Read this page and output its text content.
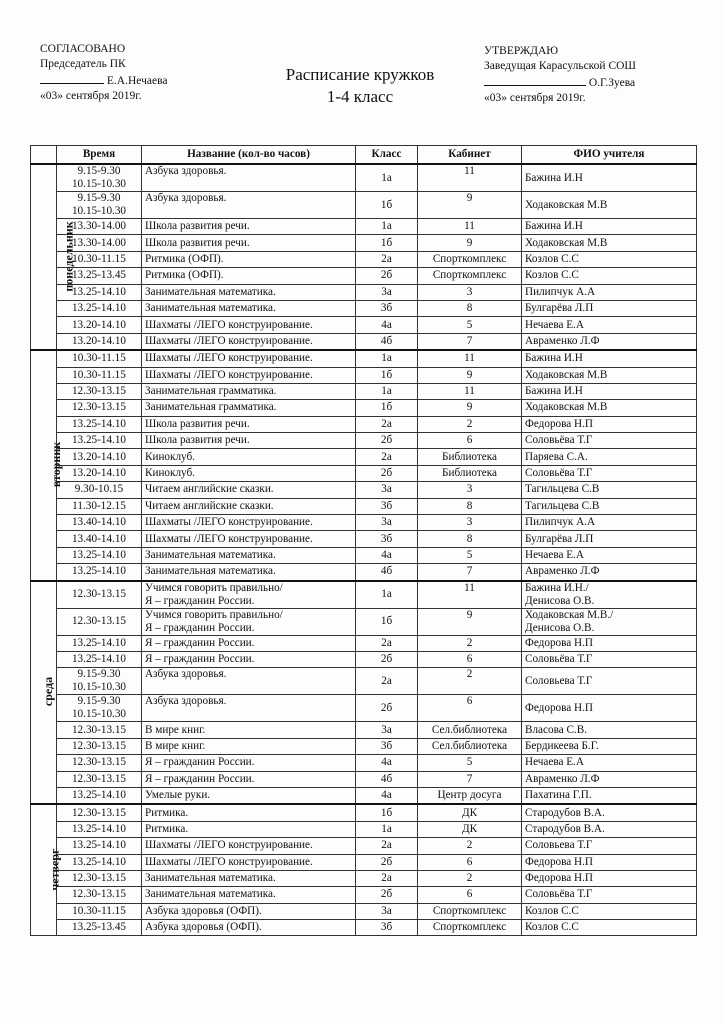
СОГЛАСОВАНО
Председатель ПК
Е.А.Нечаева
«03» сентября 2019г.
Расписание кружков
1-4 класс
УТВЕРЖДАЮ
Заведущая Карасульской СОШ
О.Г.Зуева
«03» сентября 2019г.
	Время	Название (кол-во часов)	Класс	Кабинет	ФИО учителя
понедельник	9.15-9.30
10.15-10.30	Азбука здоровья.	1а	11	Бажина И.Н
	9.15-9.30
10.15-10.30	Азбука здоровья.	1б	9	Ходаковская М.В
	13.30-14.00	Школа развития речи.	1а	11	Бажина И.Н
	13.30-14.00	Школа развития речи.	1б	9	Ходаковская М.В
	10.30-11.15	Ритмика (ОФП).	2а	Спорткомплекс	Козлов С.С
	13.25-13.45	Ритмика (ОФП).	2б	Спорткомплекс	Козлов С.С
	13.25-14.10	Занимательная математика.	3а	3	Пилипчук А.А
	13.25-14.10	Занимательная математика.	3б	8	Булгарёва Л.П
	13.20-14.10	Шахматы /ЛЕГО конструирование.	4а	5	Нечаева Е.А
	13.20-14.10	Шахматы /ЛЕГО конструирование.	4б	7	Авраменко Л.Ф
вторник	10.30-11.15	Шахматы /ЛЕГО конструирование.	1а	11	Бажина И.Н
	10.30-11.15	Шахматы /ЛЕГО конструирование.	1б	9	Ходаковская М.В
	12.30-13.15	Занимательная грамматика.	1а	11	Бажина И.Н
	12.30-13.15	Занимательная грамматика.	1б	9	Ходаковская М.В
	13.25-14.10	Школа развития речи.	2а	2	Федорова Н.П
	13.25-14.10	Школа развития речи.	2б	6	Соловьёва Т.Г
	13.20-14.10	Киноклуб.	2а	Библиотека	Паряева С.А.
	13.20-14.10	Киноклуб.	2б	Библиотека	Соловьёва Т.Г
	9.30-10.15	Читаем английские сказки.	3а	3	Тагильцева С.В
	11.30-12.15	Читаем английские сказки.	3б	8	Тагильцева С.В
	13.40-14.10	Шахматы /ЛЕГО конструирование.	3а	3	Пилипчук А.А
	13.40-14.10	Шахматы /ЛЕГО конструирование.	3б	8	Булгарёва Л.П
	13.25-14.10	Занимательная математика.	4а	5	Нечаева Е.А
	13.25-14.10	Занимательная математика.	4б	7	Авраменко Л.Ф
среда	12.30-13.15	Учимся говорить правильно/
Я – гражданин России.	1а	11	Бажина И.Н./
Денисова О.В.
	12.30-13.15	Учимся говорить правильно/
Я – гражданин России.	1б	9	Ходаковская М.В./
Денисова О.В.
	13.25-14.10	Я – гражданин России.	2а	2	Федорова Н.П
	13.25-14.10	Я – гражданин России.	2б	6	Соловьёва Т.Г
	9.15-9.30
10.15-10.30	Азбука здоровья.	2а	2	Соловьева Т.Г
	9.15-9.30
10.15-10.30	Азбука здоровья.	2б	6	Федорова Н.П
	12.30-13.15	В мире книг.	3а	Сел.библиотека	Власова С.В.
	12.30-13.15	В мире книг.	3б	Сел.библиотека	Бердикеева Б.Г.
	12.30-13.15	Я – гражданин России.	4а	5	Нечаева Е.А
	12.30-13.15	Я – гражданин России.	4б	7	Авраменко Л.Ф
	13.25-14.10	Умелые руки.	4а	Центр досуга	Пахатина Г.П.
четверг	12.30-13.15	Ритмика.	1б	ДК	Стародубов В.А.
	13.25-14.10	Ритмика.	1а	ДК	Стародубов В.А.
	13.25-14.10	Шахматы /ЛЕГО конструирование.	2а	2	Соловьева Т.Г
	13.25-14.10	Шахматы /ЛЕГО конструирование.	2б	6	Федорова Н.П
	12.30-13.15	Занимательная математика.	2а	2	Федорова Н.П
	12.30-13.15	Занимательная математика.	2б	6	Соловьёва Т.Г
	10.30-11.15	Азбука здоровья (ОФП).	3а	Спорткомплекс	Козлов С.С
	13.25-13.45	Азбука здоровья (ОФП).	3б	Спорткомплекс	Козлов С.С
